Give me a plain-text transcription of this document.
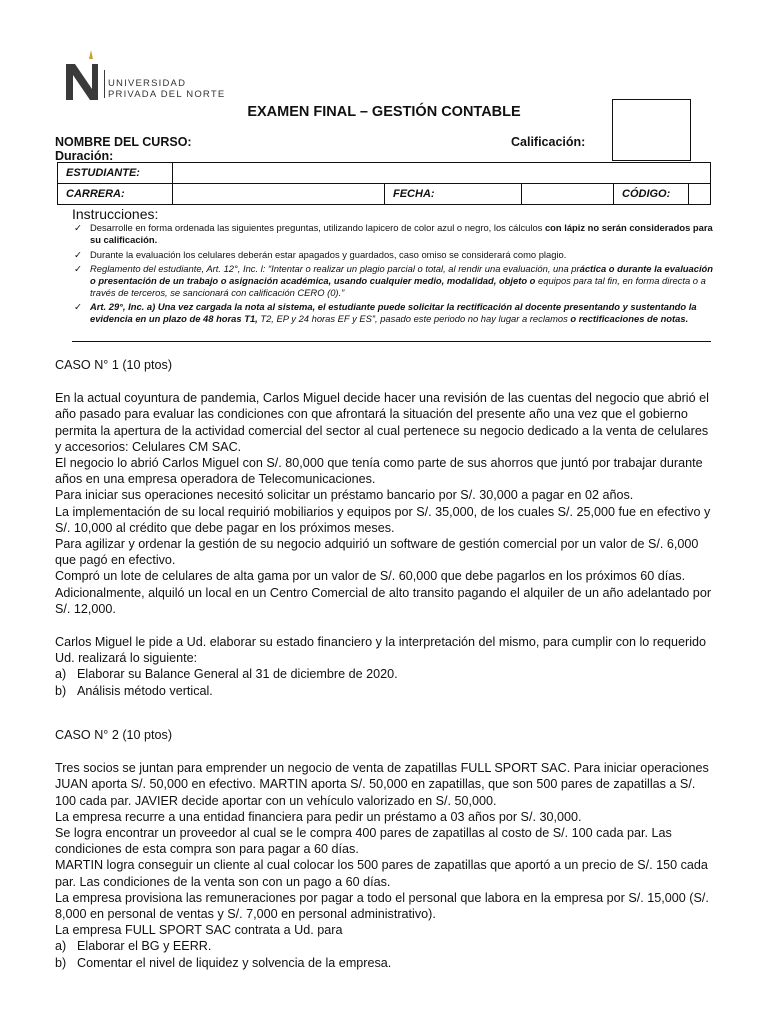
UNIVERSIDAD
PRIVADA DEL NORTE
EXAMEN FINAL – GESTIÓN CONTABLE
Calificación:
NOMBRE DEL CURSO:
Duración:
ESTUDIANTE:					
CARRERA:		FECHA:		CÓDIGO:	
Instrucciones:
✓ Desarrolle en forma ordenada las siguientes preguntas, utilizando lapicero de color azul o negro, los cálculos con lápiz no serán considerados para su calificación.
✓ Durante la evaluación los celulares deberán estar apagados y guardados, caso omiso se considerará como plagio.
✓ Reglamento del estudiante, Art. 12°, Inc. l: “Intentar o realizar un plagio parcial o total, al rendir una evaluación, una práctica o durante la evaluación o presentación de un trabajo o asignación académica, usando cualquier medio, modalidad, objeto o equipos para tal fin, en forma directa o a través de terceros, se sancionará con calificación CERO (0).”
✓ Art. 29°, Inc. a) Una vez cargada la nota al sistema, el estudiante puede solicitar la rectificación al docente presentando y sustentando la evidencia en un plazo de 48 horas T1, T2, EP y 24 horas EF y ES”, pasado este periodo no hay lugar a reclamos o rectificaciones de notas.

CASO N° 1 (10 ptos)

En la actual coyuntura de pandemia, Carlos Miguel decide hacer una revisión de las cuentas del negocio que abrió el año pasado para evaluar las condiciones con que afrontará la situación del presente año una vez que el gobierno permita la apertura de la actividad comercial del sector al cual pertenece su negocio dedicado a la venta de celulares y accesorios: Celulares CM SAC.

El negocio lo abrió Carlos Miguel con S/. 80,000 que tenía como parte de sus ahorros que juntó por trabajar durante años en una empresa operadora de Telecomunicaciones.

Para iniciar sus operaciones necesitó solicitar un préstamo bancario por S/. 30,000 a pagar en 02 años.

La implementación de su local requirió mobiliarios y equipos por S/. 35,000, de los cuales S/. 25,000 fue en efectivo y S/. 10,000 al crédito que debe pagar en los próximos meses.

Para agilizar y ordenar la gestión de su negocio adquirió un software de gestión comercial por un valor de S/. 6,000 que pagó en efectivo.

Compró un lote de celulares de alta gama por un valor de S/. 60,000 que debe pagarlos en los próximos 60 días.

Adicionalmente, alquiló un local en un Centro Comercial de alto transito pagando el alquiler de un año adelantado por S/. 12,000.

Carlos Miguel le pide a Ud. elaborar su estado financiero y la interpretación del mismo, para cumplir con lo requerido Ud. realizará lo siguiente:

a) Elaborar su Balance General al 31 de diciembre de 2020.
b) Análisis método vertical.

CASO N° 2 (10 ptos)

Tres socios se juntan para emprender un negocio de venta de zapatillas FULL SPORT SAC. Para iniciar operaciones JUAN aporta S/. 50,000 en efectivo. MARTIN aporta S/. 50,000 en zapatillas, que son 500 pares de zapatillas a S/. 100 cada par. JAVIER decide aportar con un vehículo valorizado en S/. 50,000.

La empresa recurre a una entidad financiera para pedir un préstamo a 03 años por S/. 30,000.

Se logra encontrar un proveedor al cual se le compra 400 pares de zapatillas al costo de S/. 100 cada par. Las condiciones de esta compra son para pagar a 60 días.

MARTIN logra conseguir un cliente al cual colocar los 500 pares de zapatillas que aportó a un precio de S/. 150 cada par. Las condiciones de la venta son con un pago a 60 días.

La empresa provisiona las remuneraciones por pagar a todo el personal que labora en la empresa por S/. 15,000 (S/. 8,000 en personal de ventas y S/. 7,000 en personal administrativo).

La empresa FULL SPORT SAC contrata a Ud. para

a) Elaborar el BG y EERR.
b) Comentar el nivel de liquidez y solvencia de la empresa.
